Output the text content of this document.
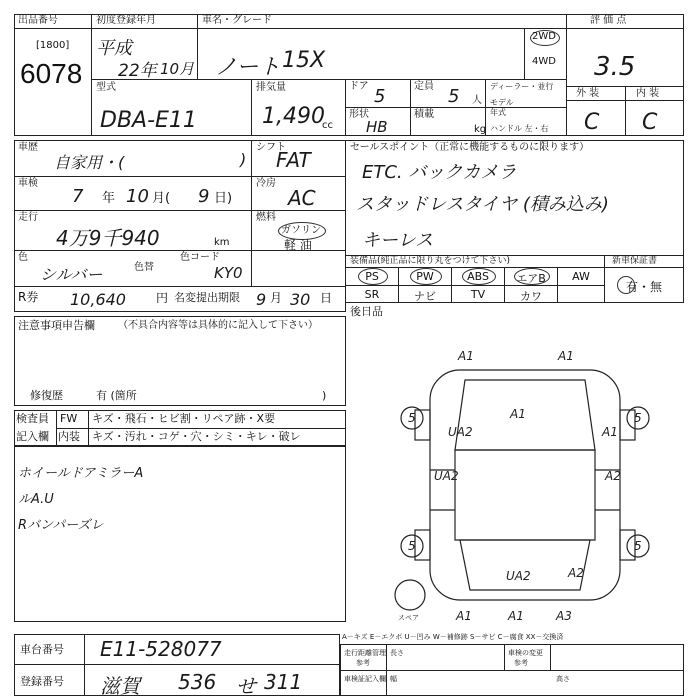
出品番号
[1800]
6078
初度登録年月
平成
22年 10月
車名・グレード
ノート 15X
2WD
4WD
評 価 点
3.5
外 装	内 装
C C
型式
DBA-E11
排気量
1,490
cc
ドア 5
形状
HB
定員 5 人
積載
kg
ディーラー・並行
モデル
年式
ハンドル 左・右
車歴
自家用・(	)
シフト
FAT
車検
7 年 10 月( 9 日)
冷房
AC
走行
4万9千940	km
燃料
ガソリン
軽 油
色
シルバー	色替
色コード
KY0
R券 10,640	円 名変提出期限 9 月 30 日
セールスポイント（正常に機能するものに限ります）
ETC. バックカメラ
スタッドレスタイヤ (積み込み)
キーレス
装備品(純正品に限り丸をつけて下さい)	新車保証書
PS	PW	ABS	エアB	AW
SR	ナビ	TV	カワ
有・無
注意事項申告欄 （不具合内容等は具体的に記入して下さい）
修復歴	有 (箇所	)
後日品
検査員
記入欄
FW キズ・飛石・ヒビ割・リペア跡・X要
内装 キズ・汚れ・コゲ・穴・シミ・キレ・破レ
ホイールドアミラーA
ルA.U
Rバンパーズレ
A1	A1
A1
UA2	A1
UA2	A2
UA2	A2
A1	A1	A3
5	5
5	5
スペア
A－キズ E－エクボ U－凹み W－補修跡 S－サビ C－腐食 XX－交換済
車台番号 E11-528077
登録番号 滋賀 536 せ 311
走行距離管理
参考
長さ	車検の変更
参考
幅	高さ
車検証記入欄
